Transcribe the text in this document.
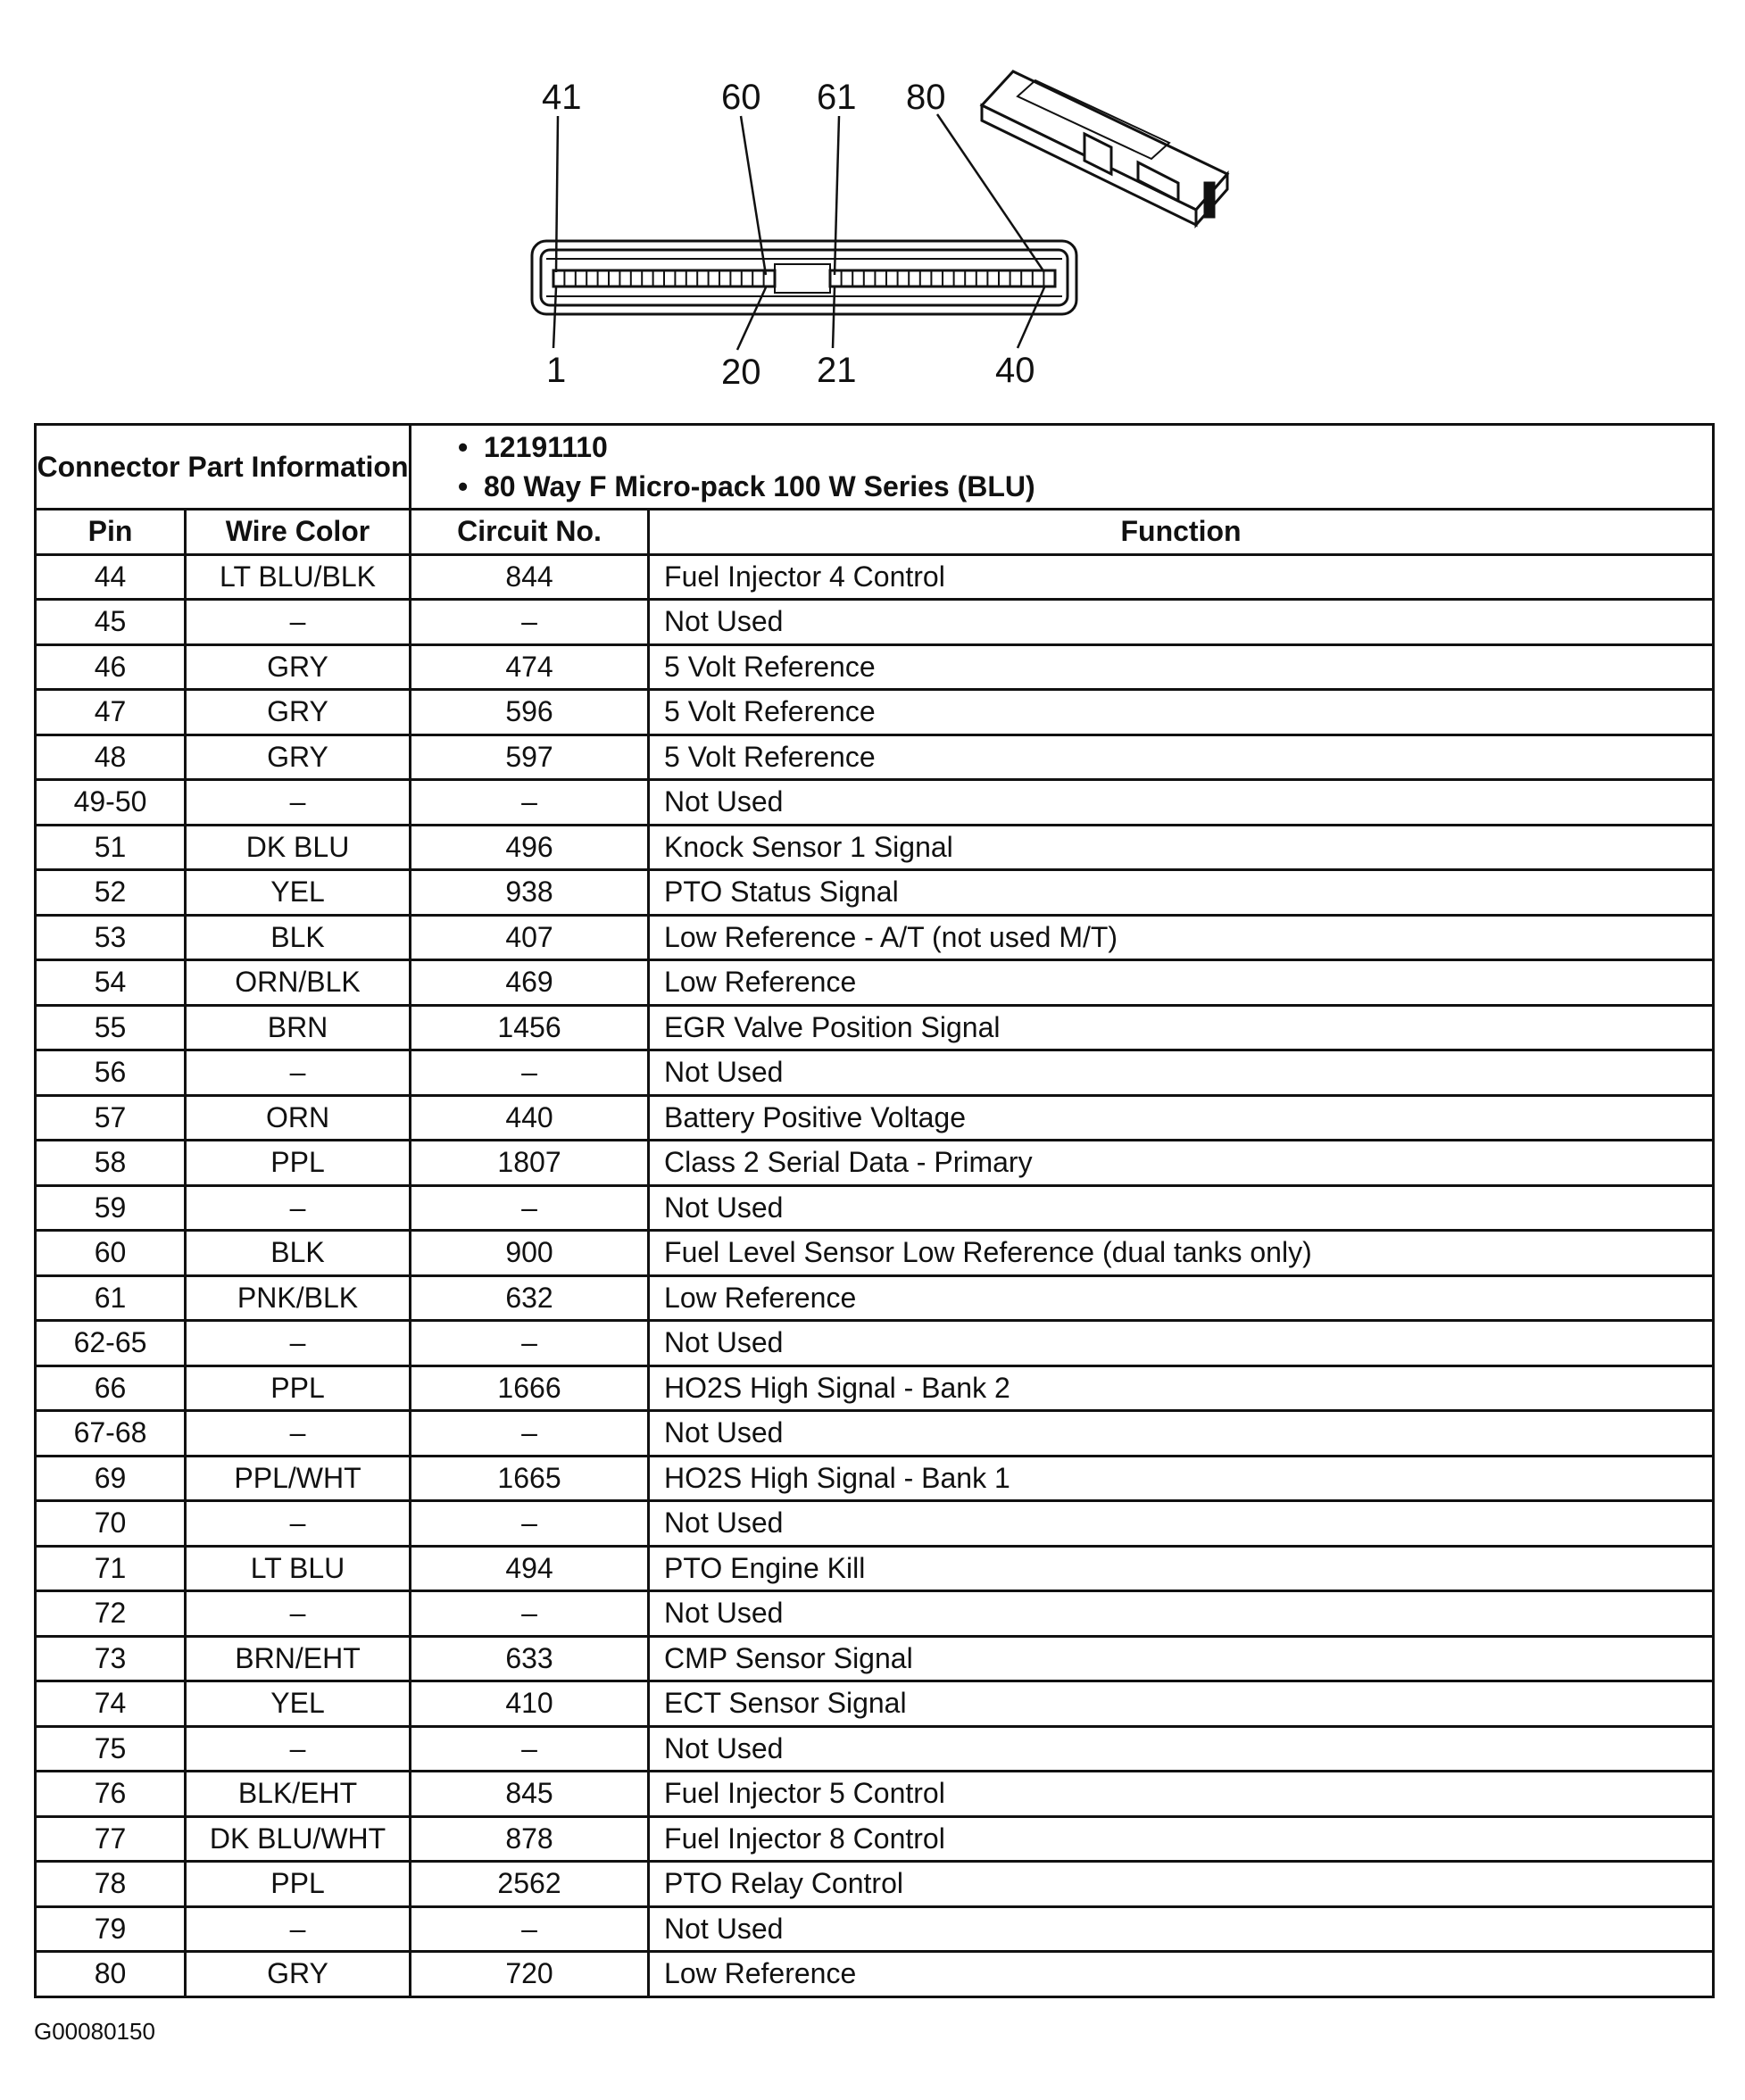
41	60 61 80
1	20 21	40
Connector Part Information		•  12191110
•  80 Way F Micro-pack 100 W Series (BLU)

Pin	Wire Color	Circuit No.	Function
44	LT BLU/BLK	844	Fuel Injector 4 Control
45	–	–	Not Used
46	GRY	474	5 Volt Reference
47	GRY	596	5 Volt Reference
48	GRY	597	5 Volt Reference
49-50	–	–	Not Used
51	DK BLU	496	Knock Sensor 1 Signal
52	YEL	938	PTO Status Signal
53	BLK	407	Low Reference - A/T (not used M/T)
54	ORN/BLK	469	Low Reference
55	BRN	1456	EGR Valve Position Signal
56	–	–	Not Used
57	ORN	440	Battery Positive Voltage
58	PPL	1807	Class 2 Serial Data - Primary
59	–	–	Not Used
60	BLK	900	Fuel Level Sensor Low Reference (dual tanks only)
61	PNK/BLK	632	Low Reference
62-65	–	–	Not Used
66	PPL	1666	HO2S High Signal - Bank 2
67-68	–	–	Not Used
69	PPL/WHT	1665	HO2S High Signal - Bank 1
70	–	–	Not Used
71	LT BLU	494	PTO Engine Kill
72	–	–	Not Used
73	BRN/EHT	633	CMP Sensor Signal
74	YEL	410	ECT Sensor Signal
75	–	–	Not Used
76	BLK/EHT	845	Fuel Injector 5 Control
77	DK BLU/WHT	878	Fuel Injector 8 Control
78	PPL	2562	PTO Relay Control
79	–	–	Not Used
80	GRY	720	Low Reference
G00080150
